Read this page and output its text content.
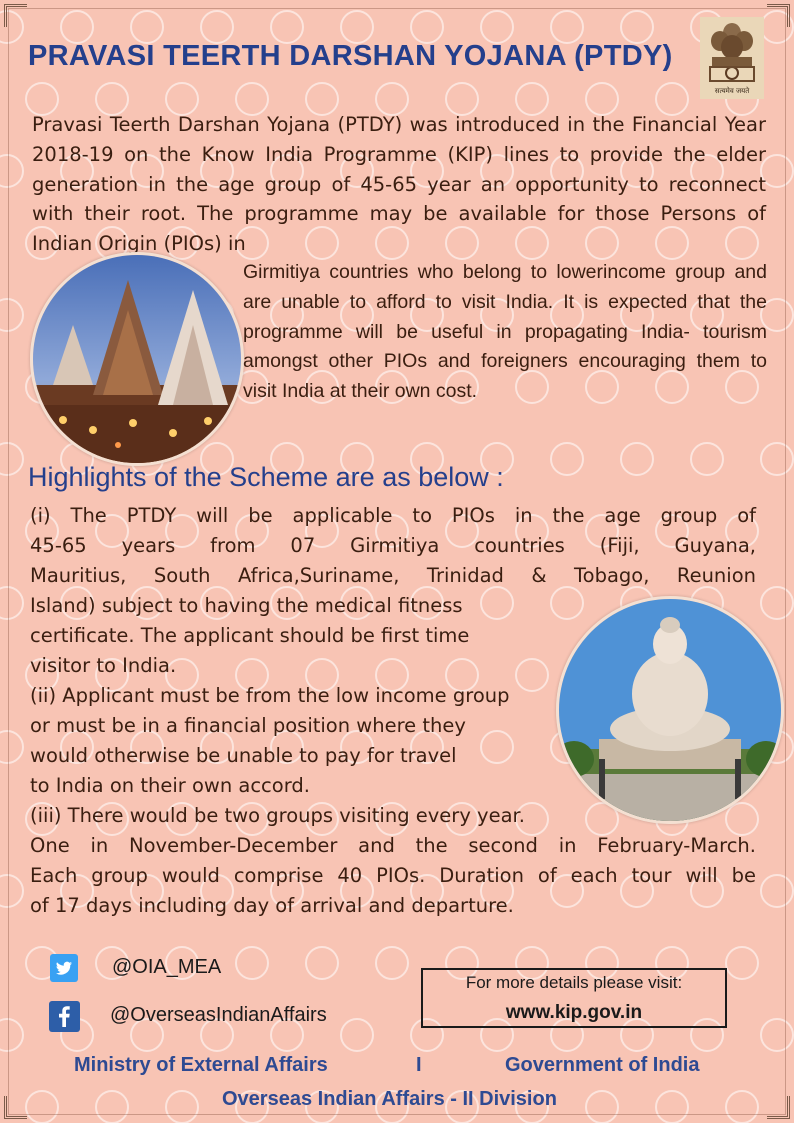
PRAVASI TEERTH DARSHAN YOJANA (PTDY)
सत्यमेव जयते

Pravasi Teerth Darshan Yojana (PTDY) was introduced in the Financial Year 2018-19 on the Know India Programme (KIP) lines to provide the elder generation in the age group of 45-65 year an opportunity to reconnect with their root. The programme may be available for those Persons of Indian Origin (PIOs) in

Girmitiya countries who belong to lowerincome group and are unable to afford to visit India. It is expected that the programme will be useful in propagating India- tourism amongst other PIOs and foreigners encouraging them to visit India at their own cost.

Highlights of the Scheme are as below :

(i) The PTDY will be applicable to PIOs in the age group of

45-65 years from 07 Girmitiya countries (Fiji, Guyana,

Mauritius, South Africa,Suriname, Trinidad & Tobago, Reunion

Island) subject to having the medical fitness

certificate. The applicant should be first time

visitor to India.

(ii) Applicant must be from the low income group

or must be in a financial position where they

would otherwise be unable to pay for travel

to India on their own accord.

(iii) There would be two groups visiting every year.

One in November-December and the second in February-March.

Each group would comprise 40 PIOs. Duration of each tour will be

of 17 days including day of arrival and departure.

@OIA_MEA

@OverseasIndianAffairs

For more details please visit:
www.kip.gov.in

Ministry of External Affairs	I	Government of India

Overseas Indian Affairs - II Division
